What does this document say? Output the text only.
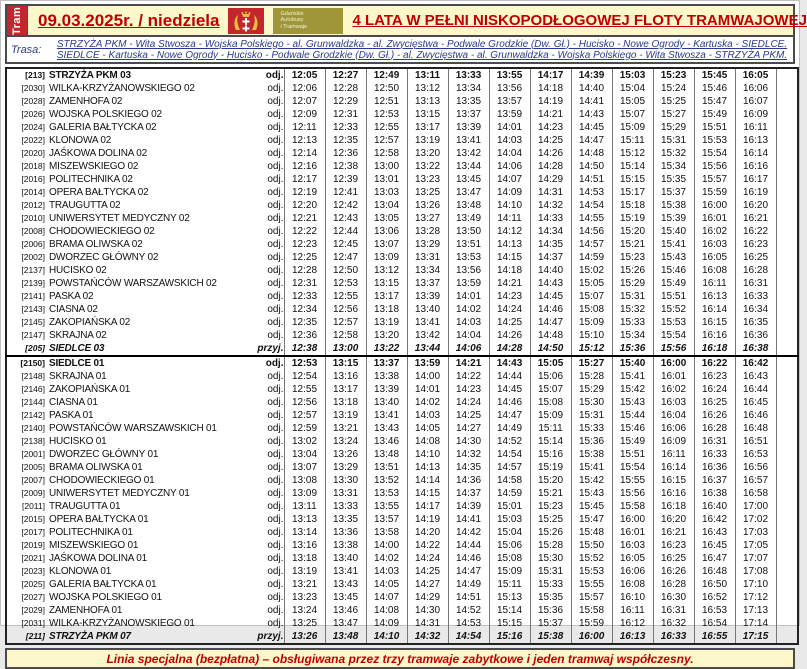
Tram 09.03.2025r. / niedziela	Gdańskie
Autobusy
i Tramwaje	4 LATA W PEŁNI NISKOPODŁOGOWEJ FLOTY TRAMWAJOWEJ
Trasa:	STRZYŻA PKM - Wita Stwosza - Wojska Polskiego - al. Grunwaldzka - al. Zwycięstwa - Podwale Grodzkie (Dw. Gł.) - Hucisko - Nowe Ogrody - Kartuska - SIEDLCE.
SIEDLCE - Kartuska - Nowe Ogrody - Hucisko - Podwale Grodzkie (Dw. Gł.) - al. Zwycięstwa - al. Grunwaldzka - Wojska Polskiego - Wita Stwosza - STRZYŻA PKM.
[213] STRZYŻA PKM 03	odj.	12:05	12:27	12:49	13:11	13:33	13:55	14:17	14:39	15:03	15:23	15:45	16:05	
[2030] WILKA-KRZYŻANOWSKIEGO 02	odj.	12:06	12:28	12:50	13:12	13:34	13:56	14:18	14:40	15:04	15:24	15:46	16:06	
[2028] ZAMENHOFA 02	odj.	12:07	12:29	12:51	13:13	13:35	13:57	14:19	14:41	15:05	15:25	15:47	16:07	
[2026] WOJSKA POLSKIEGO 02	odj.	12:09	12:31	12:53	13:15	13:37	13:59	14:21	14:43	15:07	15:27	15:49	16:09	
[2024] GALERIA BAŁTYCKA 02	odj.	12:11	12:33	12:55	13:17	13:39	14:01	14:23	14:45	15:09	15:29	15:51	16:11	
[2022] KLONOWA 02	odj.	12:13	12:35	12:57	13:19	13:41	14:03	14:25	14:47	15:11	15:31	15:53	16:13	
[2020] JAŚKOWA DOLINA 02	odj.	12:14	12:36	12:58	13:20	13:42	14:04	14:26	14:48	15:12	15:32	15:54	16:14	
[2018] MISZEWSKIEGO 02	odj.	12:16	12:38	13:00	13:22	13:44	14:06	14:28	14:50	15:14	15:34	15:56	16:16	
[2016] POLITECHNIKA 02	odj.	12:17	12:39	13:01	13:23	13:45	14:07	14:29	14:51	15:15	15:35	15:57	16:17	
[2014] OPERA BAŁTYCKA 02	odj.	12:19	12:41	13:03	13:25	13:47	14:09	14:31	14:53	15:17	15:37	15:59	16:19	
[2012] TRAUGUTTA 02	odj.	12:20	12:42	13:04	13:26	13:48	14:10	14:32	14:54	15:18	15:38	16:00	16:20	
[2010] UNIWERSYTET MEDYCZNY 02	odj.	12:21	12:43	13:05	13:27	13:49	14:11	14:33	14:55	15:19	15:39	16:01	16:21	
[2008] CHODOWIECKIEGO 02	odj.	12:22	12:44	13:06	13:28	13:50	14:12	14:34	14:56	15:20	15:40	16:02	16:22	
[2006] BRAMA OLIWSKA 02	odj.	12:23	12:45	13:07	13:29	13:51	14:13	14:35	14:57	15:21	15:41	16:03	16:23	
[2002] DWORZEC GŁÓWNY 02	odj.	12:25	12:47	13:09	13:31	13:53	14:15	14:37	14:59	15:23	15:43	16:05	16:25	
[2137] HUCISKO 02	odj.	12:28	12:50	13:12	13:34	13:56	14:18	14:40	15:02	15:26	15:46	16:08	16:28	
[2139] POWSTAŃCÓW WARSZAWSKICH 02	odj.	12:31	12:53	13:15	13:37	13:59	14:21	14:43	15:05	15:29	15:49	16:11	16:31	
[2141] PASKA 02	odj.	12:33	12:55	13:17	13:39	14:01	14:23	14:45	15:07	15:31	15:51	16:13	16:33	
[2143] CIASNA 02	odj.	12:34	12:56	13:18	13:40	14:02	14:24	14:46	15:08	15:32	15:52	16:14	16:34	
[2145] ZAKOPIAŃSKA 02	odj.	12:35	12:57	13:19	13:41	14:03	14:25	14:47	15:09	15:33	15:53	16:15	16:35	
[2147] SKRAJNA 02	odj.	12:36	12:58	13:20	13:42	14:04	14:26	14:48	15:10	15:34	15:54	16:16	16:36	
[205] SIEDLCE 03	przyj.	12:38	13:00	13:22	13:44	14:06	14:28	14:50	15:12	15:36	15:56	16:18	16:38	
[2150] SIEDLCE 01	odj.	12:53	13:15	13:37	13:59	14:21	14:43	15:05	15:27	15:40	16:00	16:22	16:42	
[2148] SKRAJNA 01	odj.	12:54	13:16	13:38	14:00	14:22	14:44	15:06	15:28	15:41	16:01	16:23	16:43	
[2146] ZAKOPIAŃSKA 01	odj.	12:55	13:17	13:39	14:01	14:23	14:45	15:07	15:29	15:42	16:02	16:24	16:44	
[2144] CIASNA 01	odj.	12:56	13:18	13:40	14:02	14:24	14:46	15:08	15:30	15:43	16:03	16:25	16:45	
[2142] PASKA 01	odj.	12:57	13:19	13:41	14:03	14:25	14:47	15:09	15:31	15:44	16:04	16:26	16:46	
[2140] POWSTAŃCÓW WARSZAWSKICH 01	odj.	12:59	13:21	13:43	14:05	14:27	14:49	15:11	15:33	15:46	16:06	16:28	16:48	
[2138] HUCISKO 01	odj.	13:02	13:24	13:46	14:08	14:30	14:52	15:14	15:36	15:49	16:09	16:31	16:51	
[2001] DWORZEC GŁÓWNY 01	odj.	13:04	13:26	13:48	14:10	14:32	14:54	15:16	15:38	15:51	16:11	16:33	16:53	
[2005] BRAMA OLIWSKA 01	odj.	13:07	13:29	13:51	14:13	14:35	14:57	15:19	15:41	15:54	16:14	16:36	16:56	
[2007] CHODOWIECKIEGO 01	odj.	13:08	13:30	13:52	14:14	14:36	14:58	15:20	15:42	15:55	16:15	16:37	16:57	
[2009] UNIWERSYTET MEDYCZNY 01	odj.	13:09	13:31	13:53	14:15	14:37	14:59	15:21	15:43	15:56	16:16	16:38	16:58	
[2011] TRAUGUTTA 01	odj.	13:11	13:33	13:55	14:17	14:39	15:01	15:23	15:45	15:58	16:18	16:40	17:00	
[2015] OPERA BAŁTYCKA 01	odj.	13:13	13:35	13:57	14:19	14:41	15:03	15:25	15:47	16:00	16:20	16:42	17:02	
[2017] POLITECHNIKA 01	odj.	13:14	13:36	13:58	14:20	14:42	15:04	15:26	15:48	16:01	16:21	16:43	17:03	
[2019] MISZEWSKIEGO 01	odj.	13:16	13:38	14:00	14:22	14:44	15:06	15:28	15:50	16:03	16:23	16:45	17:05	
[2021] JAŚKOWA DOLINA 01	odj.	13:18	13:40	14:02	14:24	14:46	15:08	15:30	15:52	16:05	16:25	16:47	17:07	
[2023] KLONOWA 01	odj.	13:19	13:41	14:03	14:25	14:47	15:09	15:31	15:53	16:06	16:26	16:48	17:08	
[2025] GALERIA BAŁTYCKA 01	odj.	13:21	13:43	14:05	14:27	14:49	15:11	15:33	15:55	16:08	16:28	16:50	17:10	
[2027] WOJSKA POLSKIEGO 01	odj.	13:23	13:45	14:07	14:29	14:51	15:13	15:35	15:57	16:10	16:30	16:52	17:12	
[2029] ZAMENHOFA 01	odj.	13:24	13:46	14:08	14:30	14:52	15:14	15:36	15:58	16:11	16:31	16:53	17:13	
[2031] WILKA-KRZYŻANOWSKIEGO 01	odj.	13:25	13:47	14:09	14:31	14:53	15:15	15:37	15:59	16:12	16:32	16:54	17:14	
[211] STRZYŻA PKM 07	przyj.	13:26	13:48	14:10	14:32	14:54	15:16	15:38	16:00	16:13	16:33	16:55	17:15	
Linia specjalna (bezpłatna) – obsługiwana przez trzy tramwaje zabytkowe i jeden tramwaj współczesny.
